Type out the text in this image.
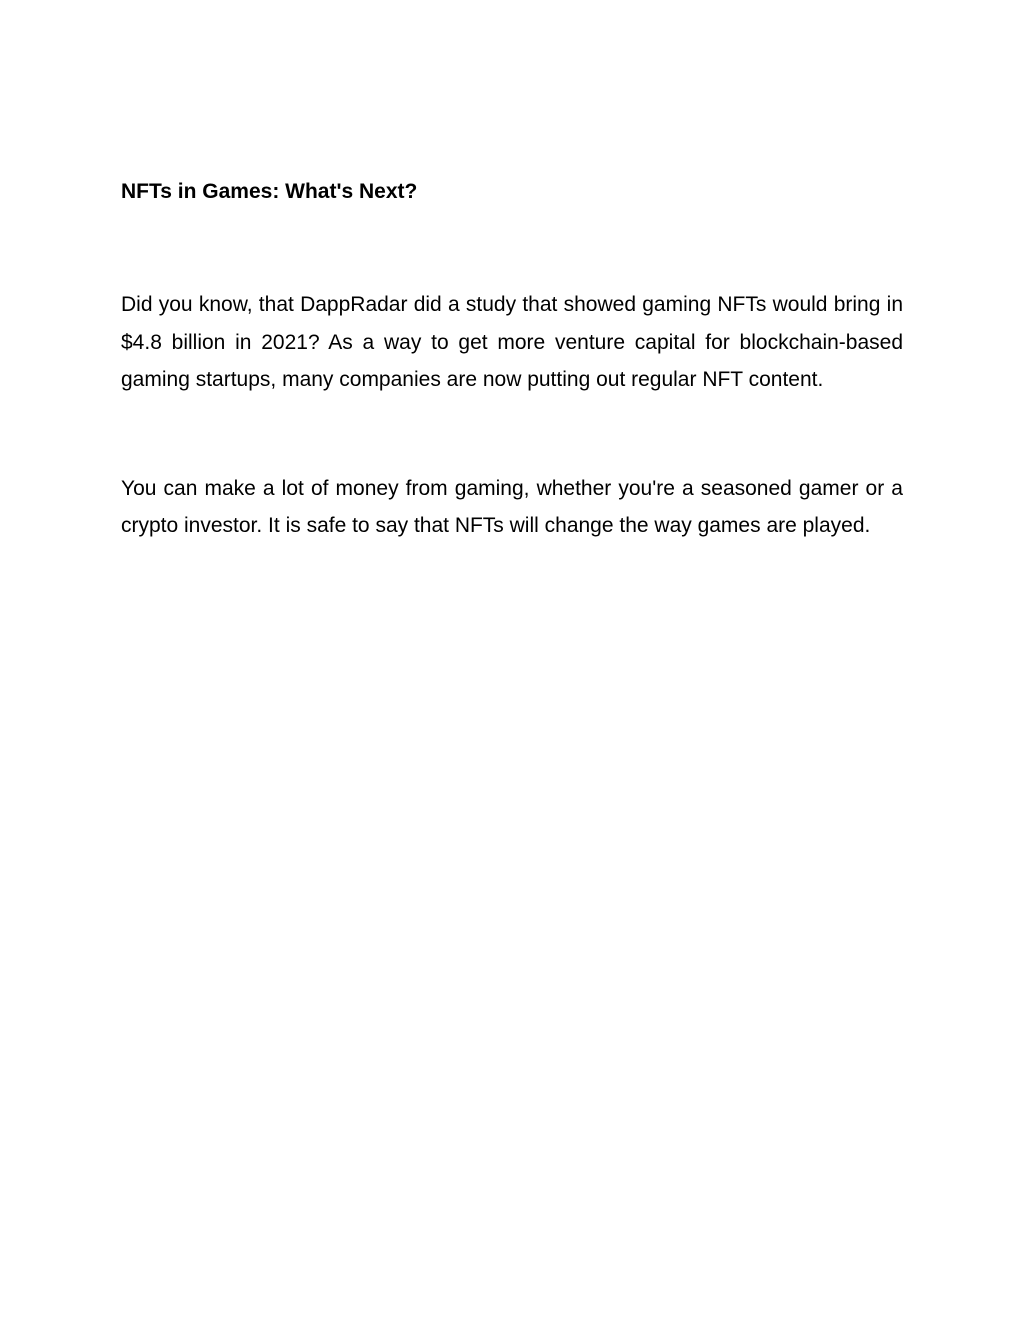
NFTs in Games: What's Next?

Did you know, that DappRadar did a study that showed gaming NFTs would bring in $4.8 billion in 2021? As a way to get more venture capital for blockchain-based gaming startups, many companies are now putting out regular NFT content.

You can make a lot of money from gaming, whether you're a seasoned gamer or a crypto investor. It is safe to say that NFTs will change the way games are played.
